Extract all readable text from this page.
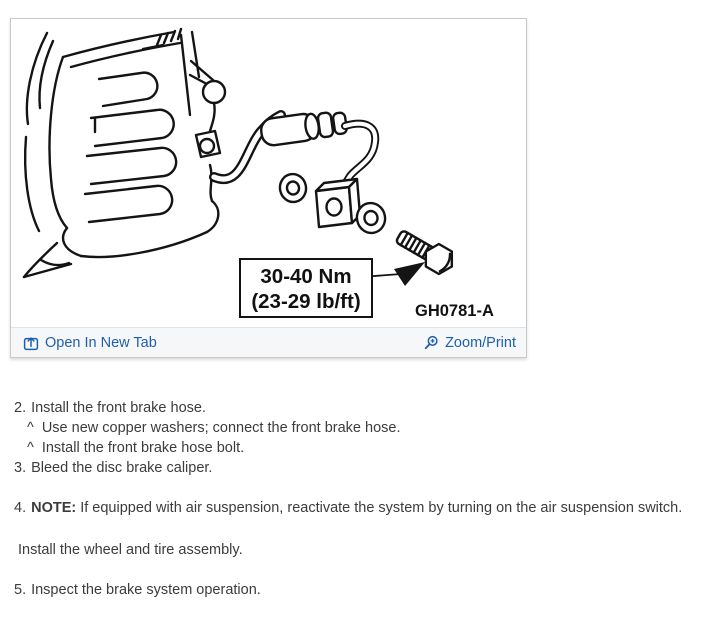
30-40 Nm
(23-29 lb/ft)	GH0781-A
Open In New Tab	Zoom/Print
2. Install the front brake hose.
^ Use new copper washers; connect the front brake hose.
^ Install the front brake hose bolt.
3. Bleed the disc brake caliper.
4. NOTE: If equipped with air suspension, reactivate the system by turning on the air suspension switch.
Install the wheel and tire assembly.
5. Inspect the brake system operation.
